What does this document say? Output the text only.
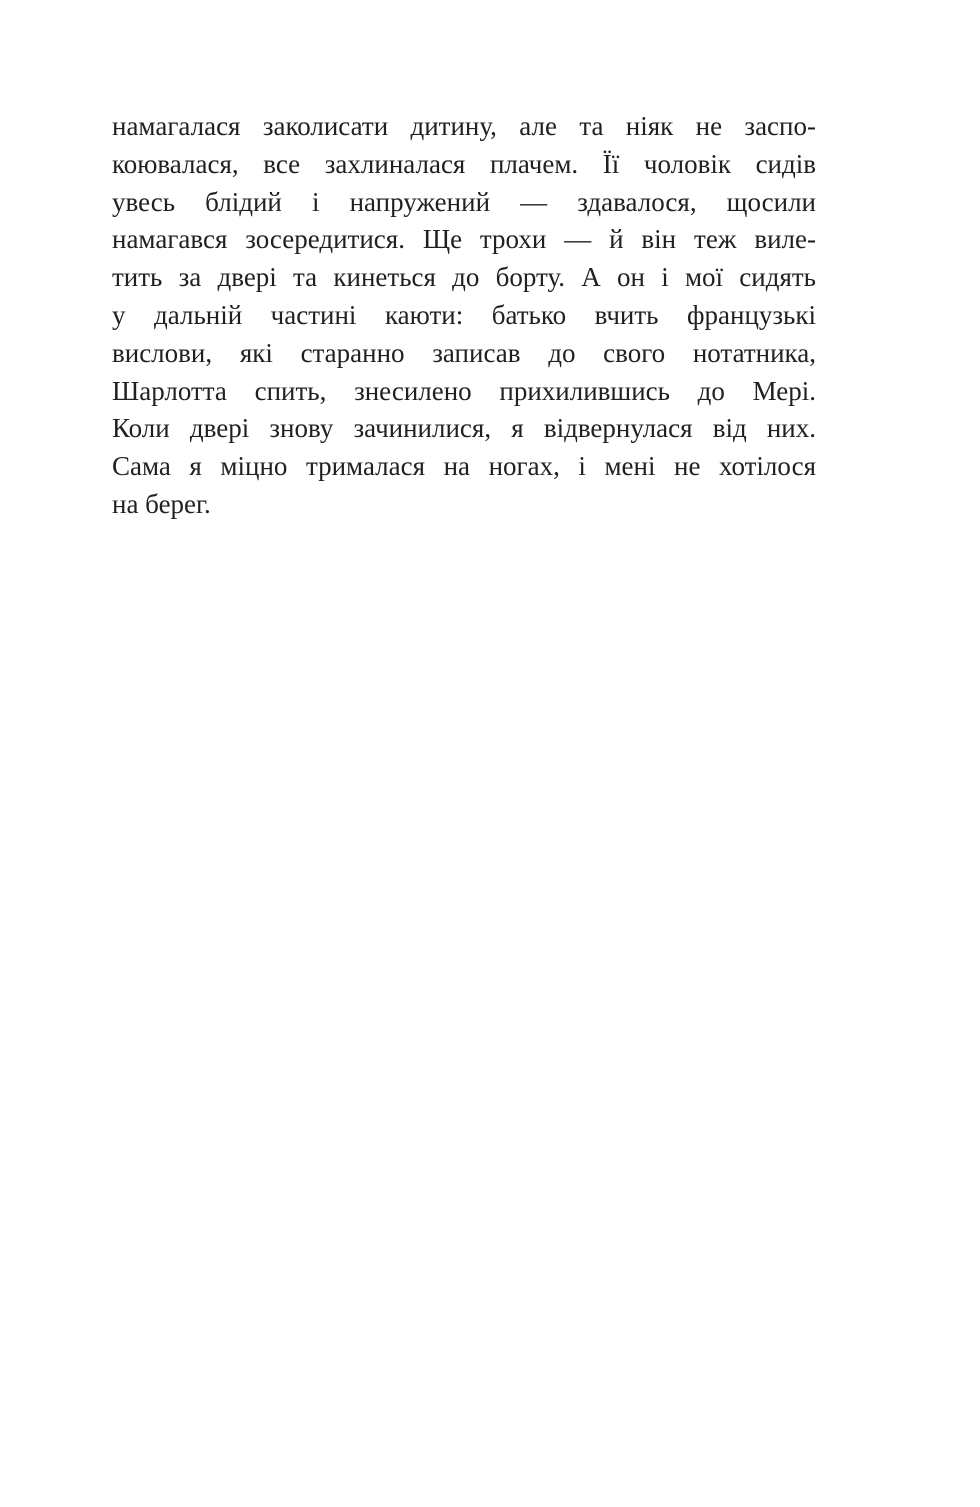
намагалася заколисати дитину, але та ніяк не заспо-
коювалася, все захлиналася плачем. Її чоловік сидів
увесь блідий і напружений — здавалося, щосили
намагався зосередитися. Ще трохи — й він теж виле-
тить за двері та кинеться до борту. А он і мої сидять
у дальній частині каюти: батько вчить французькі
вислови, які старанно записав до свого нотатника,
Шарлотта спить, знесилено прихилившись до Мері.
Коли двері знову зачинилися, я відвернулася від них.
Сама я міцно трималася на ногах, і мені не хотілося
на берег.
